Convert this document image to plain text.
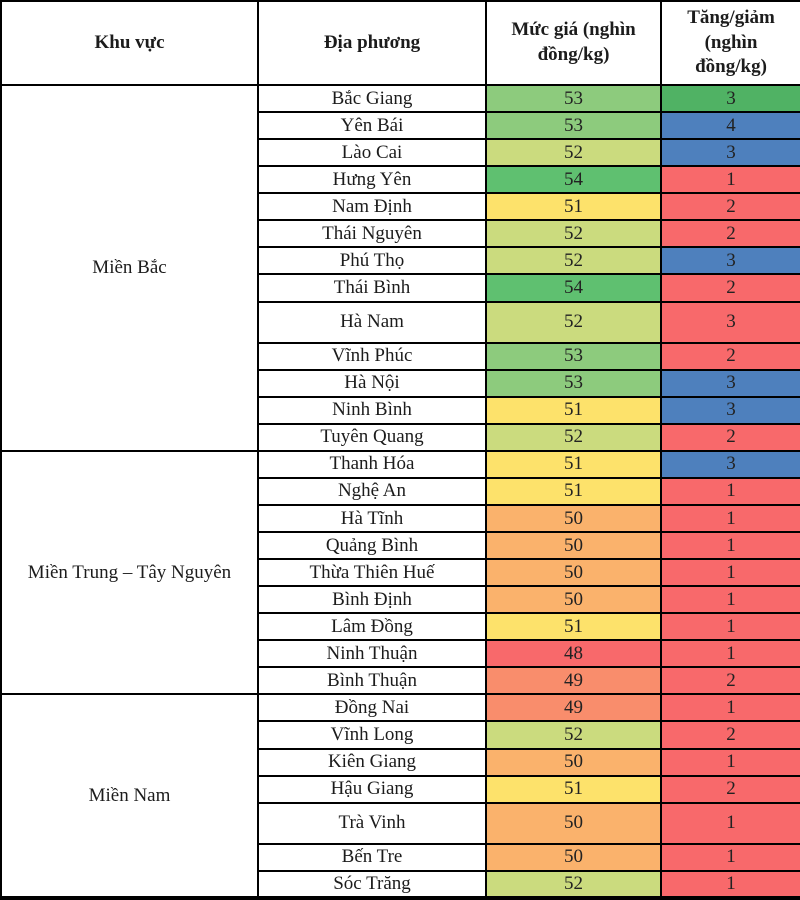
Khu vực	Địa phương	Mức giá (nghìn đồng/kg)	Tăng/giảm (nghìn đồng/kg)
Miền Bắc	Bắc Giang	53	3
	Yên Bái	53	4
	Lào Cai	52	3
	Hưng Yên	54	1
	Nam Định	51	2
	Thái Nguyên	52	2
	Phú Thọ	52	3
	Thái Bình	54	2
	Hà Nam	52	3
	Vĩnh Phúc	53	2
	Hà Nội	53	3
	Ninh Bình	51	3
	Tuyên Quang	52	2
Miền Trung – Tây Nguyên	Thanh Hóa	51	3
	Nghệ An	51	1
	Hà Tĩnh	50	1
	Quảng Bình	50	1
	Thừa Thiên Huế	50	1
	Bình Định	50	1
	Lâm Đồng	51	1
	Ninh Thuận	48	1
	Bình Thuận	49	2
Miền Nam	Đồng Nai	49	1
	Vĩnh Long	52	2
	Kiên Giang	50	1
	Hậu Giang	51	2
	Trà Vinh	50	1
	Bến Tre	50	1
	Sóc Trăng	52	1
